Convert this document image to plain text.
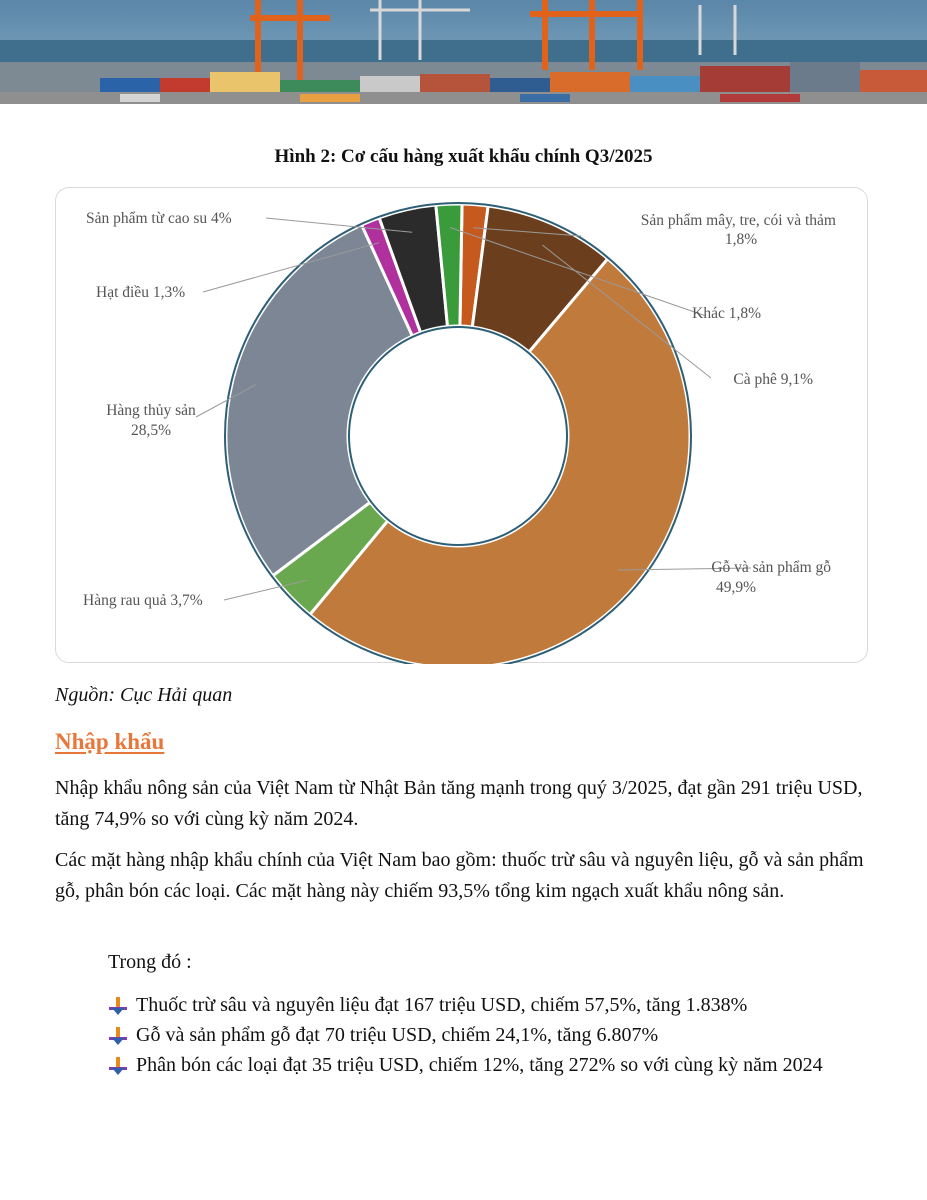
Hình 2: Cơ cấu hàng xuất khẩu chính Q3/2025
Sản phẩm mây, tre, cói và thảm
1,8%
Cà phê 9,1%
Gỗ và sản phẩm gỗ
49,9%
Hàng rau quả 3,7%
Hàng thủy sản
28,5%
Hạt điều 1,3%
Sản phẩm từ cao su 4%
Khác 1,8%
Nguồn: Cục Hải quan
Nhập khẩu

Nhập khẩu nông sản của Việt Nam từ Nhật Bản tăng mạnh trong quý 3/2025, đạt gần 291 triệu USD, tăng 74,9% so với cùng kỳ năm 2024.

Các mặt hàng nhập khẩu chính của Việt Nam bao gồm: thuốc trừ sâu và nguyên liệu, gỗ và sản phẩm gỗ, phân bón các loại. Các mặt hàng này chiếm 93,5% tổng kim ngạch xuất khẩu nông sản.

Trong đó :
Thuốc trừ sâu và nguyên liệu đạt 167 triệu USD, chiếm 57,5%, tăng 1.838%
Gỗ và sản phẩm gỗ đạt 70 triệu USD, chiếm 24,1%, tăng 6.807%
Phân bón các loại đạt 35 triệu USD, chiếm 12%, tăng 272% so với cùng kỳ năm 2024
